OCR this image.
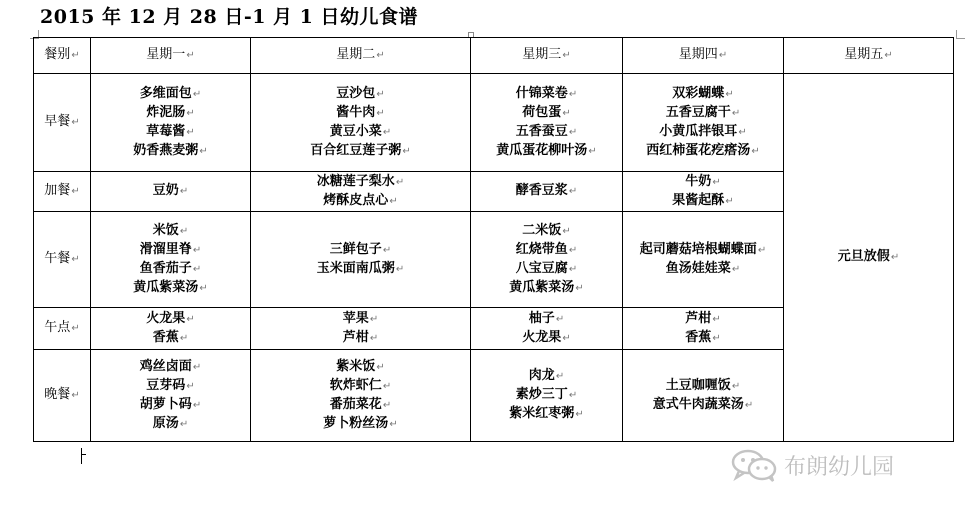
2015 年 12 月 28 日-1 月 1 日幼儿食谱
餐别↵	星期一↵	星期二↵	星期三↵	星期四↵	星期五↵
早餐↵	多维面包↵
炸泥肠↵
草莓酱↵
奶香燕麦粥↵	豆沙包↵
酱牛肉↵
黄豆小菜↵
百合红豆莲子粥↵	什锦菜卷↵
荷包蛋↵
五香蚕豆↵
黄瓜蛋花柳叶汤↵	双彩蝴蝶↵
五香豆腐干↵
小黄瓜拌银耳↵
西红柿蛋花疙瘩汤↵	元旦放假↵
加餐↵	豆奶↵	冰糖莲子梨水↵
烤酥皮点心↵	酵香豆浆↵	牛奶↵
果酱起酥↵	

午餐↵	米饭↵
滑溜里脊↵
鱼香茄子↵
黄瓜紫菜汤↵	三鲜包子↵
玉米面南瓜粥↵	二米饭↵
红烧带鱼↵
八宝豆腐↵
黄瓜紫菜汤↵	起司蘑菇培根蝴蝶面↵
鱼汤娃娃菜↵	

午点↵	火龙果↵
香蕉↵	苹果↵
芦柑↵	柚子↵
火龙果↵	芦柑↵
香蕉↵	

晚餐↵	鸡丝卤面↵
豆芽码↵
胡萝卜码↵
原汤↵	紫米饭↵
软炸虾仁↵
番茄菜花↵
萝卜粉丝汤↵	肉龙↵
素炒三丁↵
紫米红枣粥↵	土豆咖喱饭↵
意式牛肉蔬菜汤↵	
布朗幼儿园
